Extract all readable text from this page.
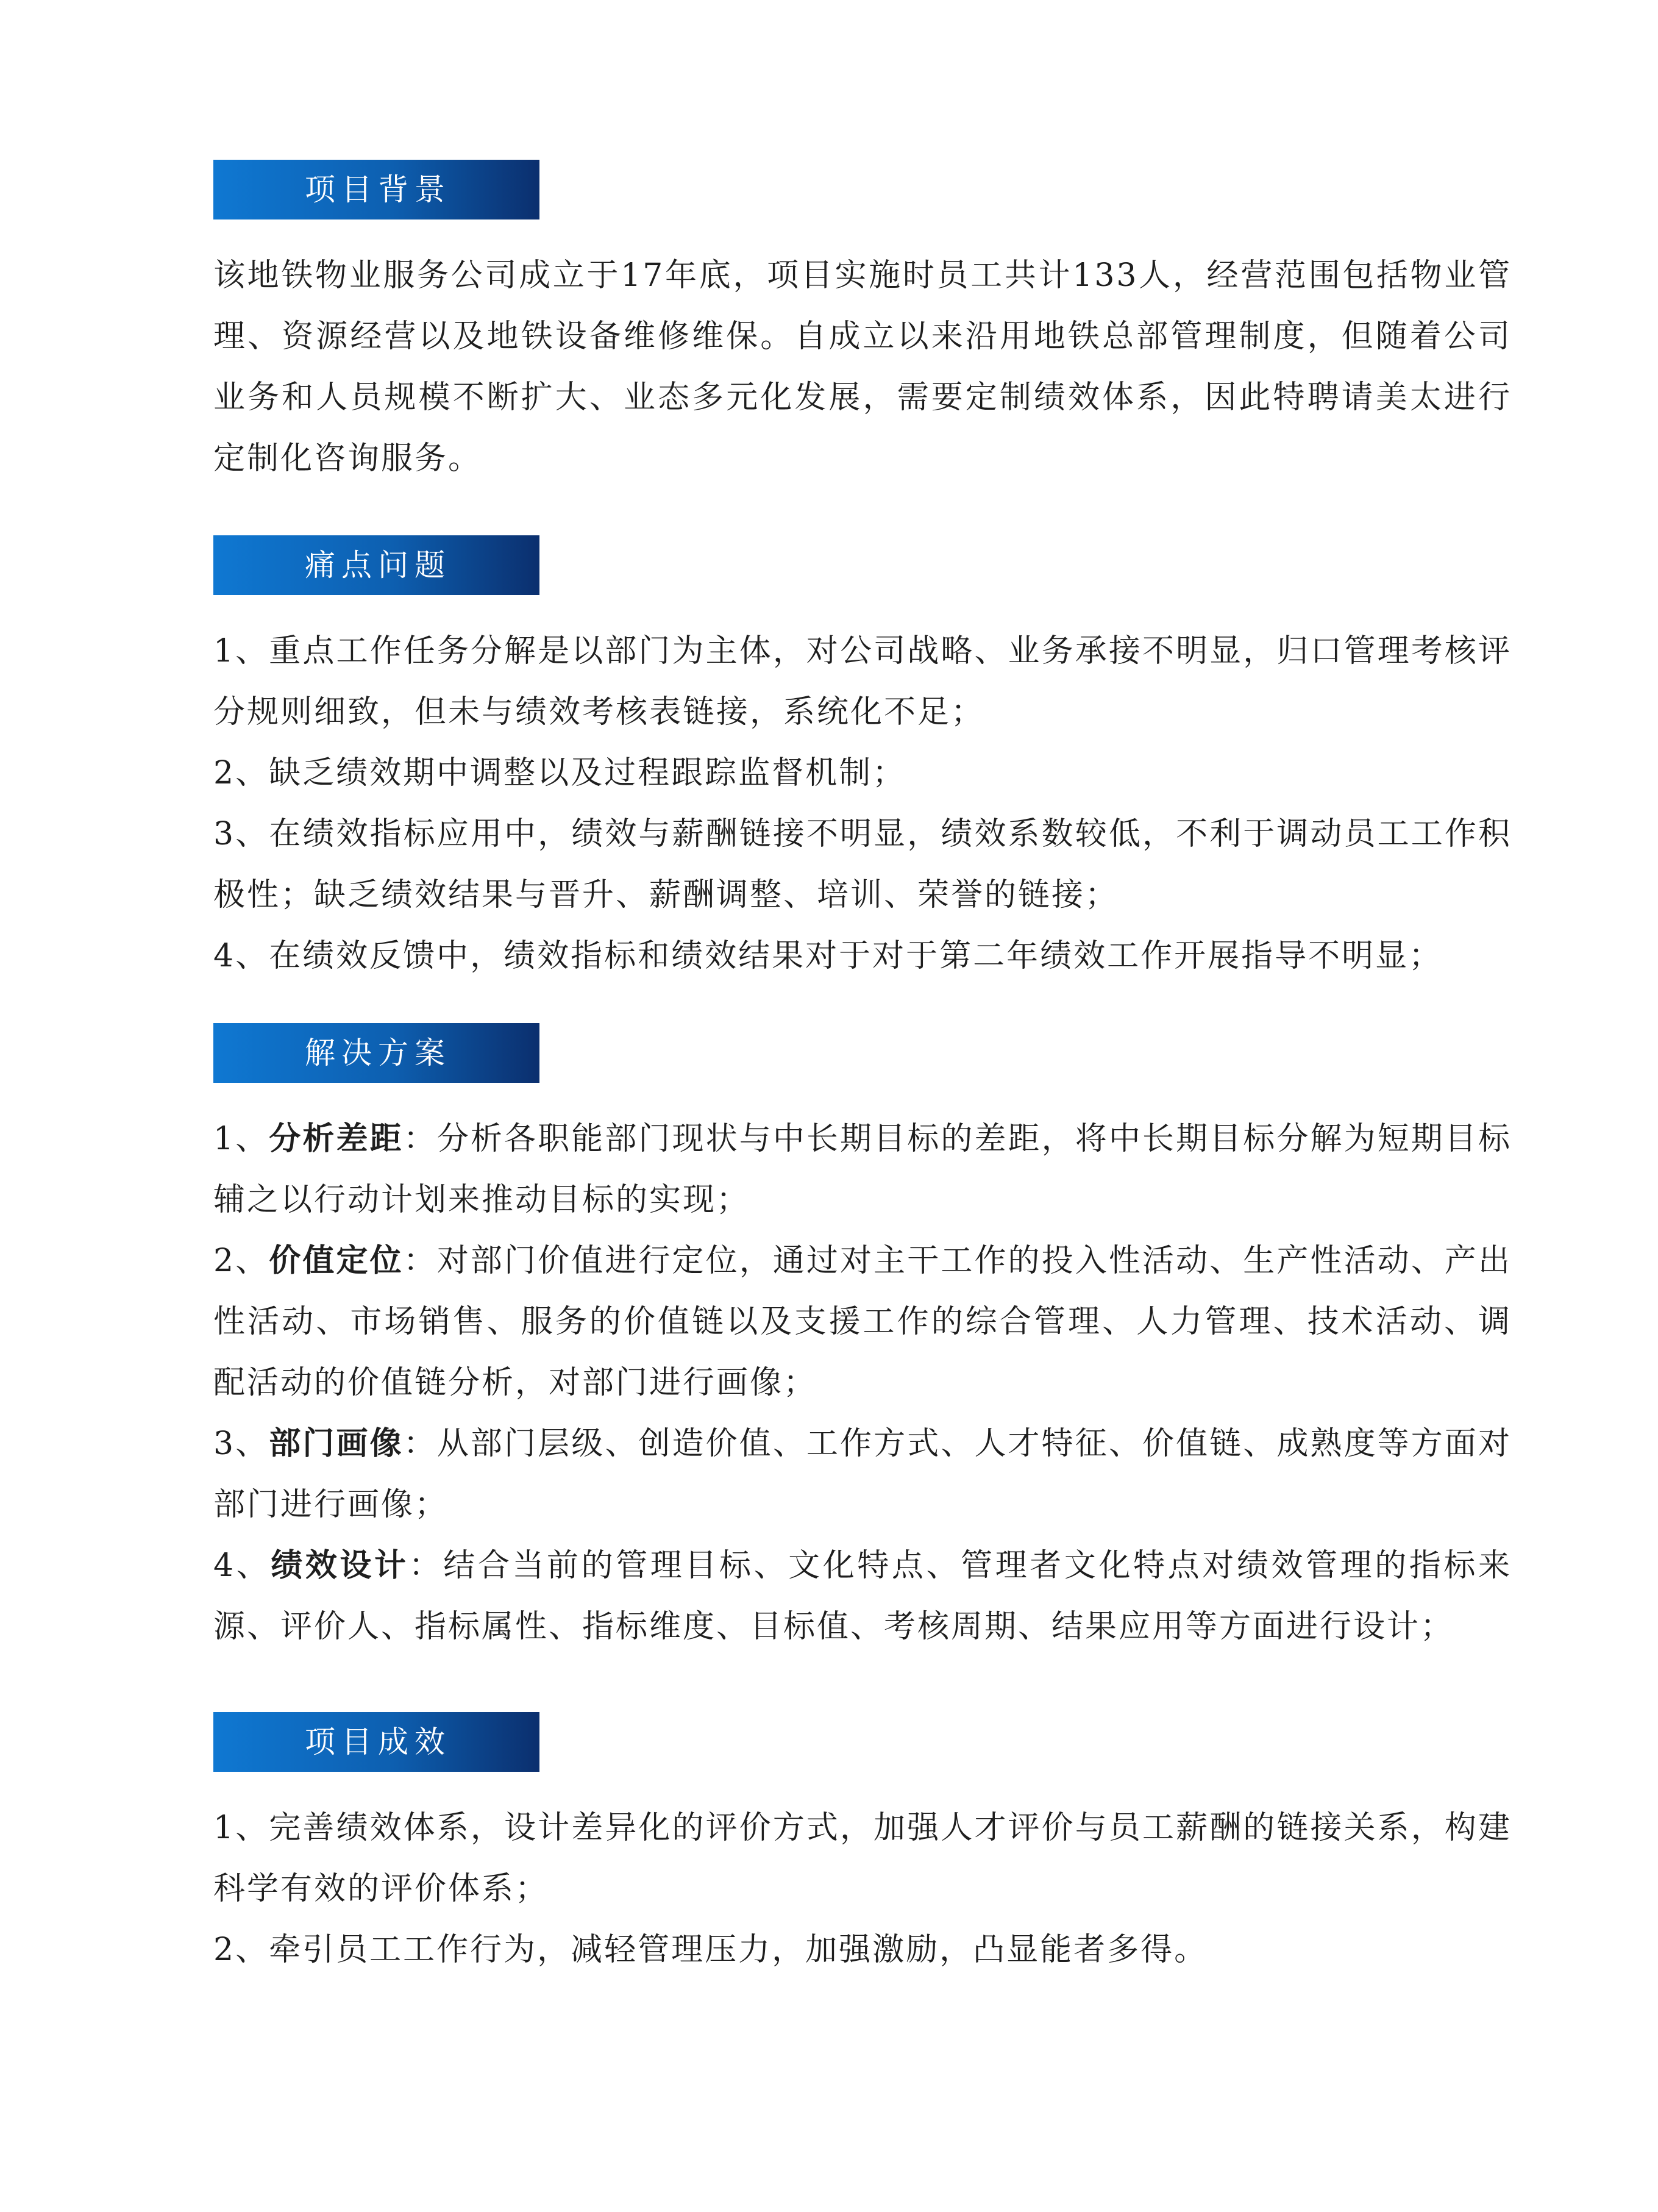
项目背景

该地铁物业服务公司成立于17年底，项目实施时员工共计133人，经营范围包括物业管理、资源经营以及地铁设备维修维保。自成立以来沿用地铁总部管理制度，但随着公司业务和人员规模不断扩大、业态多元化发展，需要定制绩效体系，因此特聘请美太进行定制化咨询服务。

痛点问题

1、重点工作任务分解是以部门为主体，对公司战略、业务承接不明显，归口管理考核评分规则细致，但未与绩效考核表链接，系统化不足；

2、缺乏绩效期中调整以及过程跟踪监督机制；

3、在绩效指标应用中，绩效与薪酬链接不明显，绩效系数较低，不利于调动员工工作积极性；缺乏绩效结果与晋升、薪酬调整、培训、荣誉的链接；

4、在绩效反馈中，绩效指标和绩效结果对于对于第二年绩效工作开展指导不明显；

解决方案

1、分析差距：分析各职能部门现状与中长期目标的差距，将中长期目标分解为短期目标辅之以行动计划来推动目标的实现；

2、价值定位：对部门价值进行定位，通过对主干工作的投入性活动、生产性活动、产出性活动、市场销售、服务的价值链以及支援工作的综合管理、人力管理、技术活动、调配活动的价值链分析，对部门进行画像；

3、部门画像：从部门层级、创造价值、工作方式、人才特征、价值链、成熟度等方面对部门进行画像；

4、绩效设计：结合当前的管理目标、文化特点、管理者文化特点对绩效管理的指标来源、评价人、指标属性、指标维度、目标值、考核周期、结果应用等方面进行设计；

项目成效

1、完善绩效体系，设计差异化的评价方式，加强人才评价与员工薪酬的链接关系，构建科学有效的评价体系；

2、牵引员工工作行为，减轻管理压力，加强激励，凸显能者多得。
